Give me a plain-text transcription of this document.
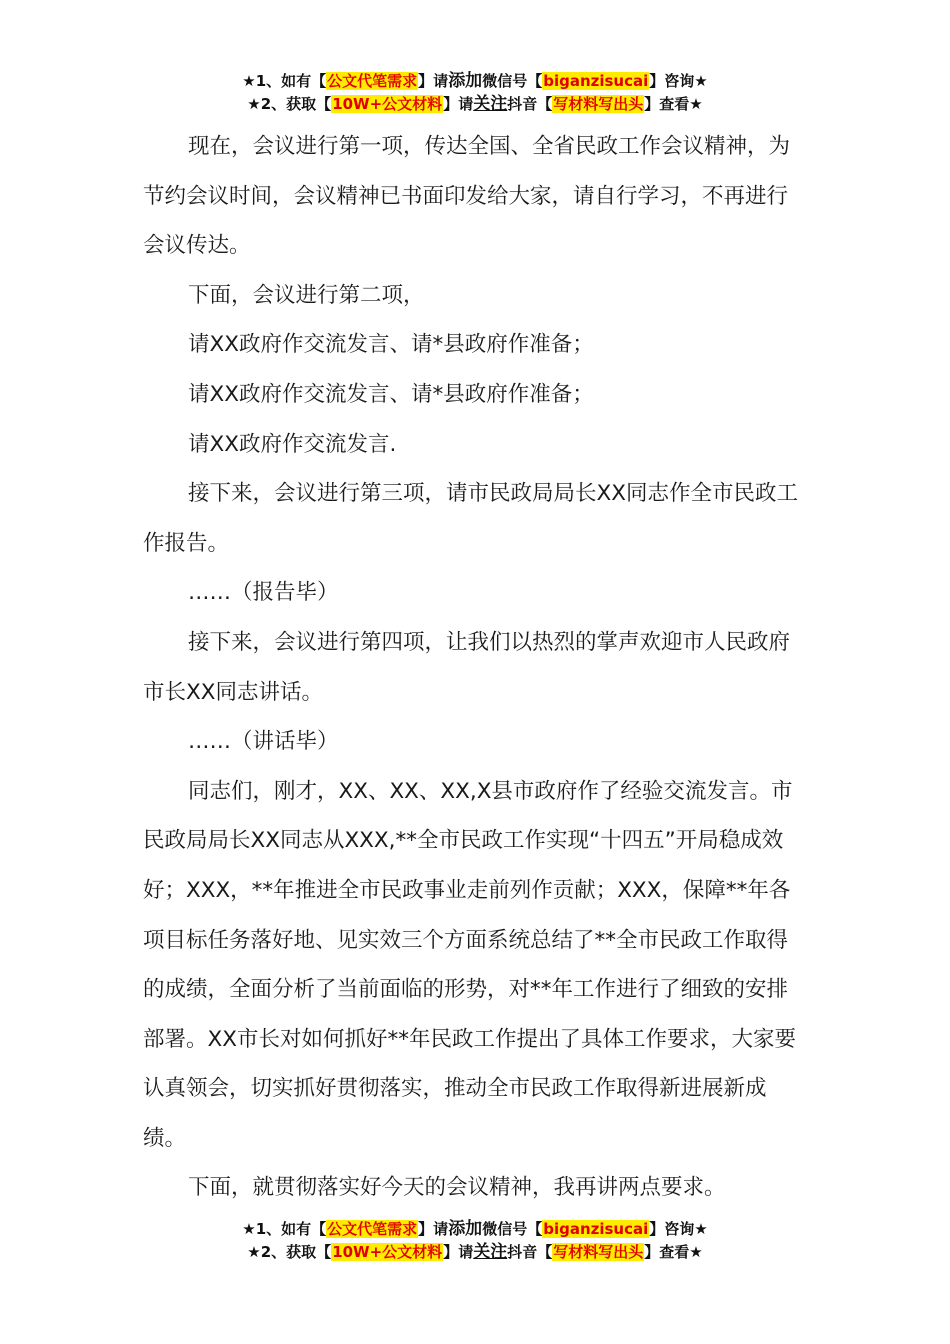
★1、如有【公文代笔需求】请添加微信号【biganzisucai】咨询★
★2、获取【10W+公文材料】请关注抖音【写材料写出头】查看★

现在，会议进行第一项，传达全国、全省民政工作会议精神，为节约会议时间，会议精神已书面印发给大家，请自行学习，不再进行会议传达。

下面，会议进行第二项，

请XX政府作交流发言、请*县政府作准备；

请XX政府作交流发言、请*县政府作准备；

请XX政府作交流发言.

接下来，会议进行第三项，请市民政局局长XX同志作全市民政工作报告。

……（报告毕）

接下来，会议进行第四项，让我们以热烈的掌声欢迎市人民政府市长XX同志讲话。

……（讲话毕）

同志们，刚才，XX、XX、XX,X县市政府作了经验交流发言。市民政局局长XX同志从XXX,**全市民政工作实现“十四五”开局稳成效好；XXX，**年推进全市民政事业走前列作贡献；XXX，保障**年各项目标任务落好地、见实效三个方面系统总结了**全市民政工作取得的成绩，全面分析了当前面临的形势，对**年工作进行了细致的安排部署。XX市长对如何抓好**年民政工作提出了具体工作要求，大家要认真领会，切实抓好贯彻落实，推动全市民政工作取得新进展新成绩。

下面，就贯彻落实好今天的会议精神，我再讲两点要求。

★1、如有【公文代笔需求】请添加微信号【biganzisucai】咨询★
★2、获取【10W+公文材料】请关注抖音【写材料写出头】查看★
